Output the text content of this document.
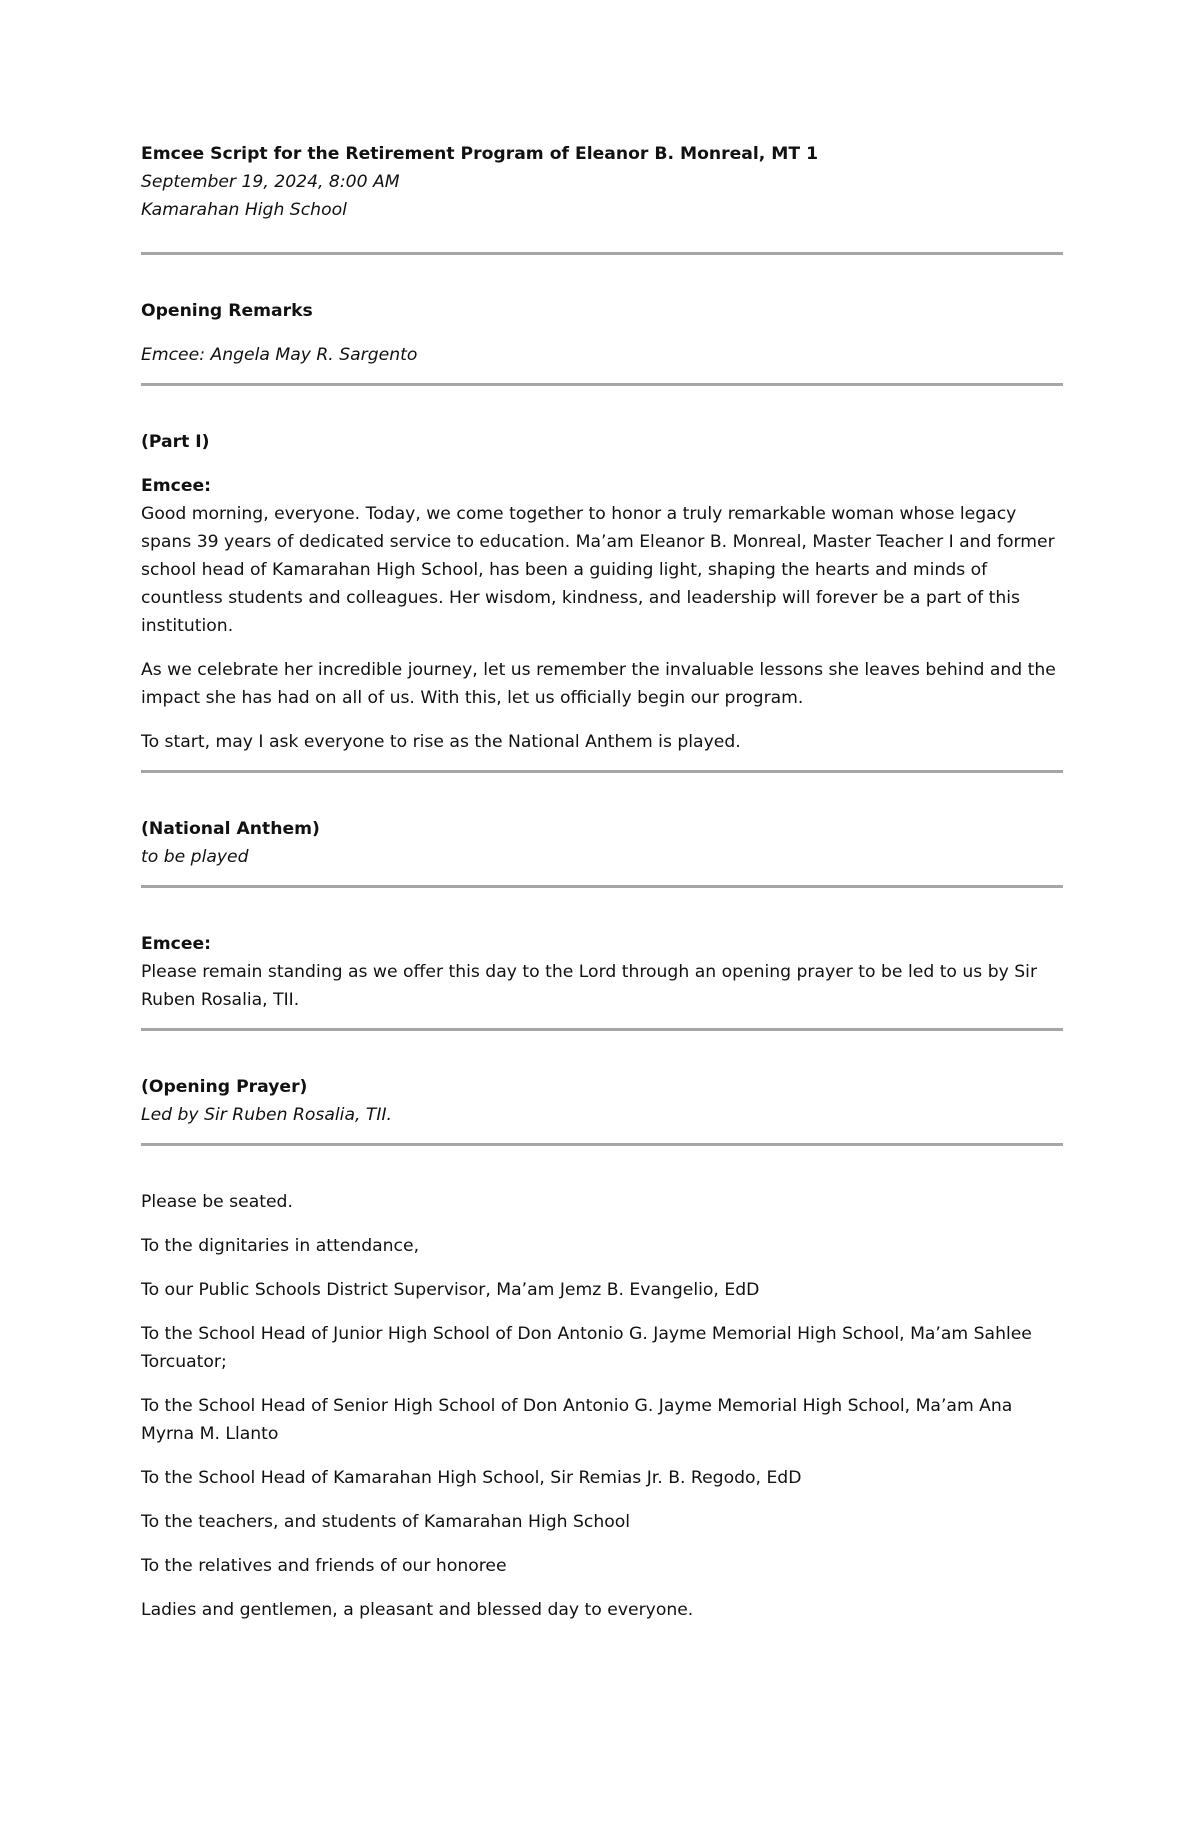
Emcee Script for the Retirement Program of Eleanor B. Monreal, MT 1

September 19, 2024, 8:00 AM

Kamarahan High School

Opening Remarks

Emcee: Angela May R. Sargento

(Part I)

Emcee:

Good morning, everyone. Today, we come together to honor a truly remarkable woman whose legacy spans 39 years of dedicated service to education. Ma’am Eleanor B. Monreal, Master Teacher I and former school head of Kamarahan High School, has been a guiding light, shaping the hearts and minds of countless students and colleagues. Her wisdom, kindness, and leadership will forever be a part of this institution.

As we celebrate her incredible journey, let us remember the invaluable lessons she leaves behind and the impact she has had on all of us. With this, let us officially begin our program.

To start, may I ask everyone to rise as the National Anthem is played.

(National Anthem)

to be played

Emcee:

Please remain standing as we offer this day to the Lord through an opening prayer to be led to us by Sir Ruben Rosalia, TII.

(Opening Prayer)

Led by Sir Ruben Rosalia, TII.

Please be seated.

To the dignitaries in attendance,

To our Public Schools District Supervisor, Ma’am Jemz B. Evangelio, EdD

To the School Head of Junior High School of Don Antonio G. Jayme Memorial High School, Ma’am Sahlee Torcuator;

To the School Head of Senior High School of Don Antonio G. Jayme Memorial High School, Ma’am Ana Myrna M. Llanto

To the School Head of Kamarahan High School, Sir Remias Jr. B. Regodo, EdD

To the teachers, and students of Kamarahan High School

To the relatives and friends of our honoree

Ladies and gentlemen, a pleasant and blessed day to everyone.
